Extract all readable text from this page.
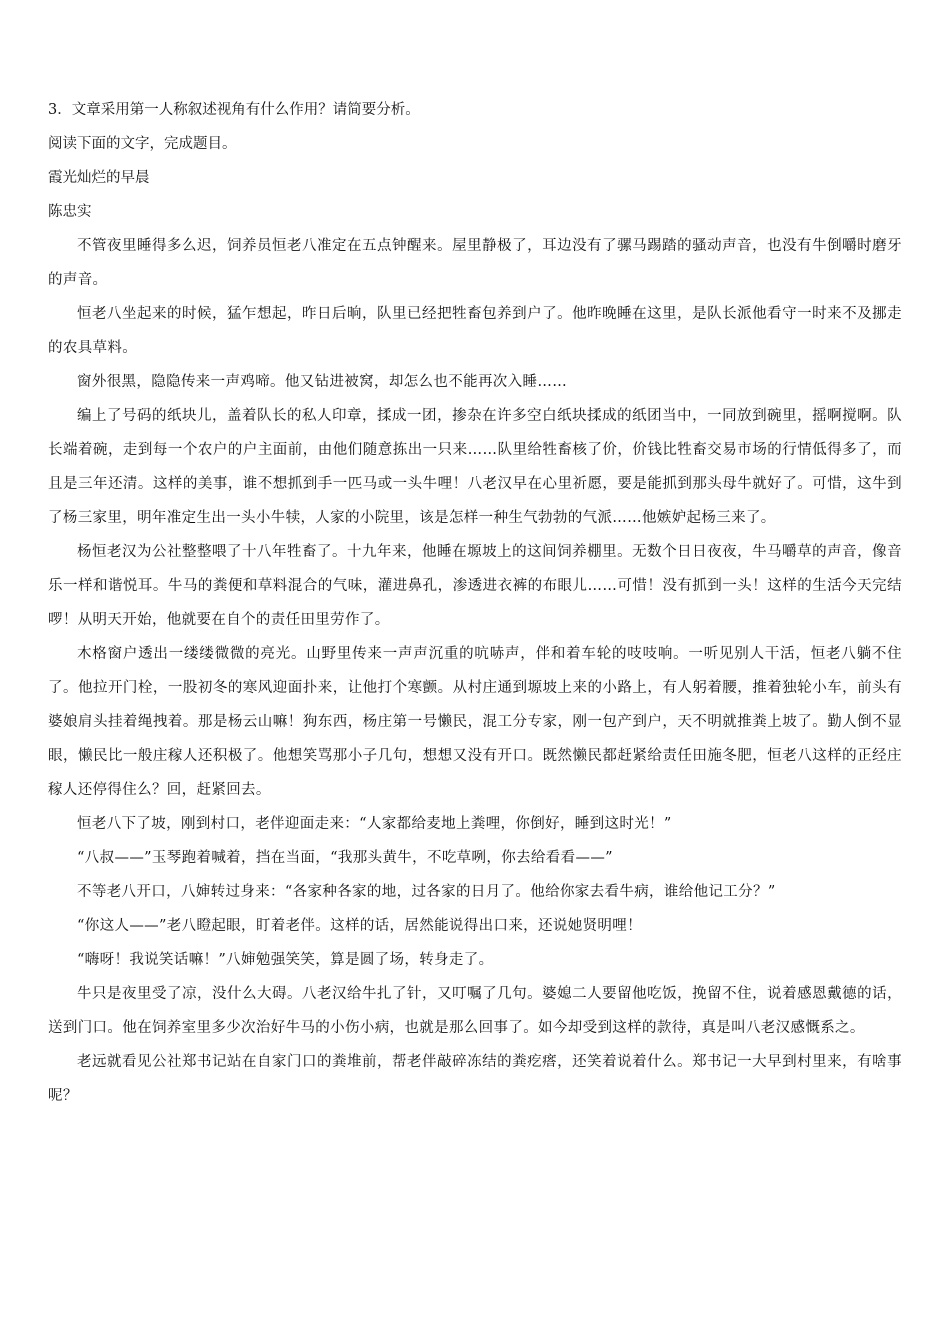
3．文章采用第一人称叙述视角有什么作用？请简要分析。

阅读下面的文字，完成题目。

霞光灿烂的早晨

陈忠实

不管夜里睡得多么迟，饲养员恒老八准定在五点钟醒来。屋里静极了，耳边没有了骡马踢踏的骚动声音，也没有牛倒嚼时磨牙的声音。

恒老八坐起来的时候，猛乍想起，昨日后晌，队里已经把牲畜包养到户了。他昨晚睡在这里，是队长派他看守一时来不及挪走的农具草料。

窗外很黑，隐隐传来一声鸡啼。他又钻进被窝，却怎么也不能再次入睡……

编上了号码的纸块儿，盖着队长的私人印章，揉成一团，掺杂在许多空白纸块揉成的纸团当中，一同放到碗里，摇啊搅啊。队长端着碗，走到每一个农户的户主面前，由他们随意拣出一只来……队里给牲畜核了价，价钱比牲畜交易市场的行情低得多了，而且是三年还清。这样的美事，谁不想抓到手一匹马或一头牛哩！八老汉早在心里祈愿，要是能抓到那头母牛就好了。可惜，这牛到了杨三家里，明年准定生出一头小牛犊，人家的小院里，该是怎样一种生气勃勃的气派……他嫉妒起杨三来了。

杨恒老汉为公社整整喂了十八年牲畜了。十九年来，他睡在塬坡上的这间饲养棚里。无数个日日夜夜，牛马嚼草的声音，像音乐一样和谐悦耳。牛马的粪便和草料混合的气味，灌进鼻孔，渗透进衣裤的布眼儿……可惜！没有抓到一头！这样的生活今天完结啰！从明天开始，他就要在自个的责任田里劳作了。

木格窗户透出一缕缕微微的亮光。山野里传来一声声沉重的吭哧声，伴和着车轮的吱吱响。一听见别人干活，恒老八躺不住了。他拉开门栓，一股初冬的寒风迎面扑来，让他打个寒颤。从村庄通到塬坡上来的小路上，有人躬着腰，推着独轮小车，前头有婆娘肩头挂着绳拽着。那是杨云山嘛！狗东西，杨庄第一号懒民，混工分专家，刚一包产到户，天不明就推粪上坡了。勤人倒不显眼，懒民比一般庄稼人还积极了。他想笑骂那小子几句，想想又没有开口。既然懒民都赶紧给责任田施冬肥，恒老八这样的正经庄稼人还停得住么？回，赶紧回去。

恒老八下了坡，刚到村口，老伴迎面走来：“人家都给麦地上粪哩，你倒好，睡到这时光！”

“八叔——”玉琴跑着喊着，挡在当面，“我那头黄牛，不吃草咧，你去给看看——”

不等老八开口，八婶转过身来：“各家种各家的地，过各家的日月了。他给你家去看牛病，谁给他记工分？”

“你这人——”老八瞪起眼，盯着老伴。这样的话，居然能说得出口来，还说她贤明哩！

“嗨呀！我说笑话嘛！”八婶勉强笑笑，算是圆了场，转身走了。

牛只是夜里受了凉，没什么大碍。八老汉给牛扎了针，又叮嘱了几句。婆媳二人要留他吃饭，挽留不住，说着感恩戴德的话，送到门口。他在饲养室里多少次治好牛马的小伤小病，也就是那么回事了。如今却受到这样的款待，真是叫八老汉感慨系之。

老远就看见公社郑书记站在自家门口的粪堆前，帮老伴敲碎冻结的粪疙瘩，还笑着说着什么。郑书记一大早到村里来，有啥事呢？
